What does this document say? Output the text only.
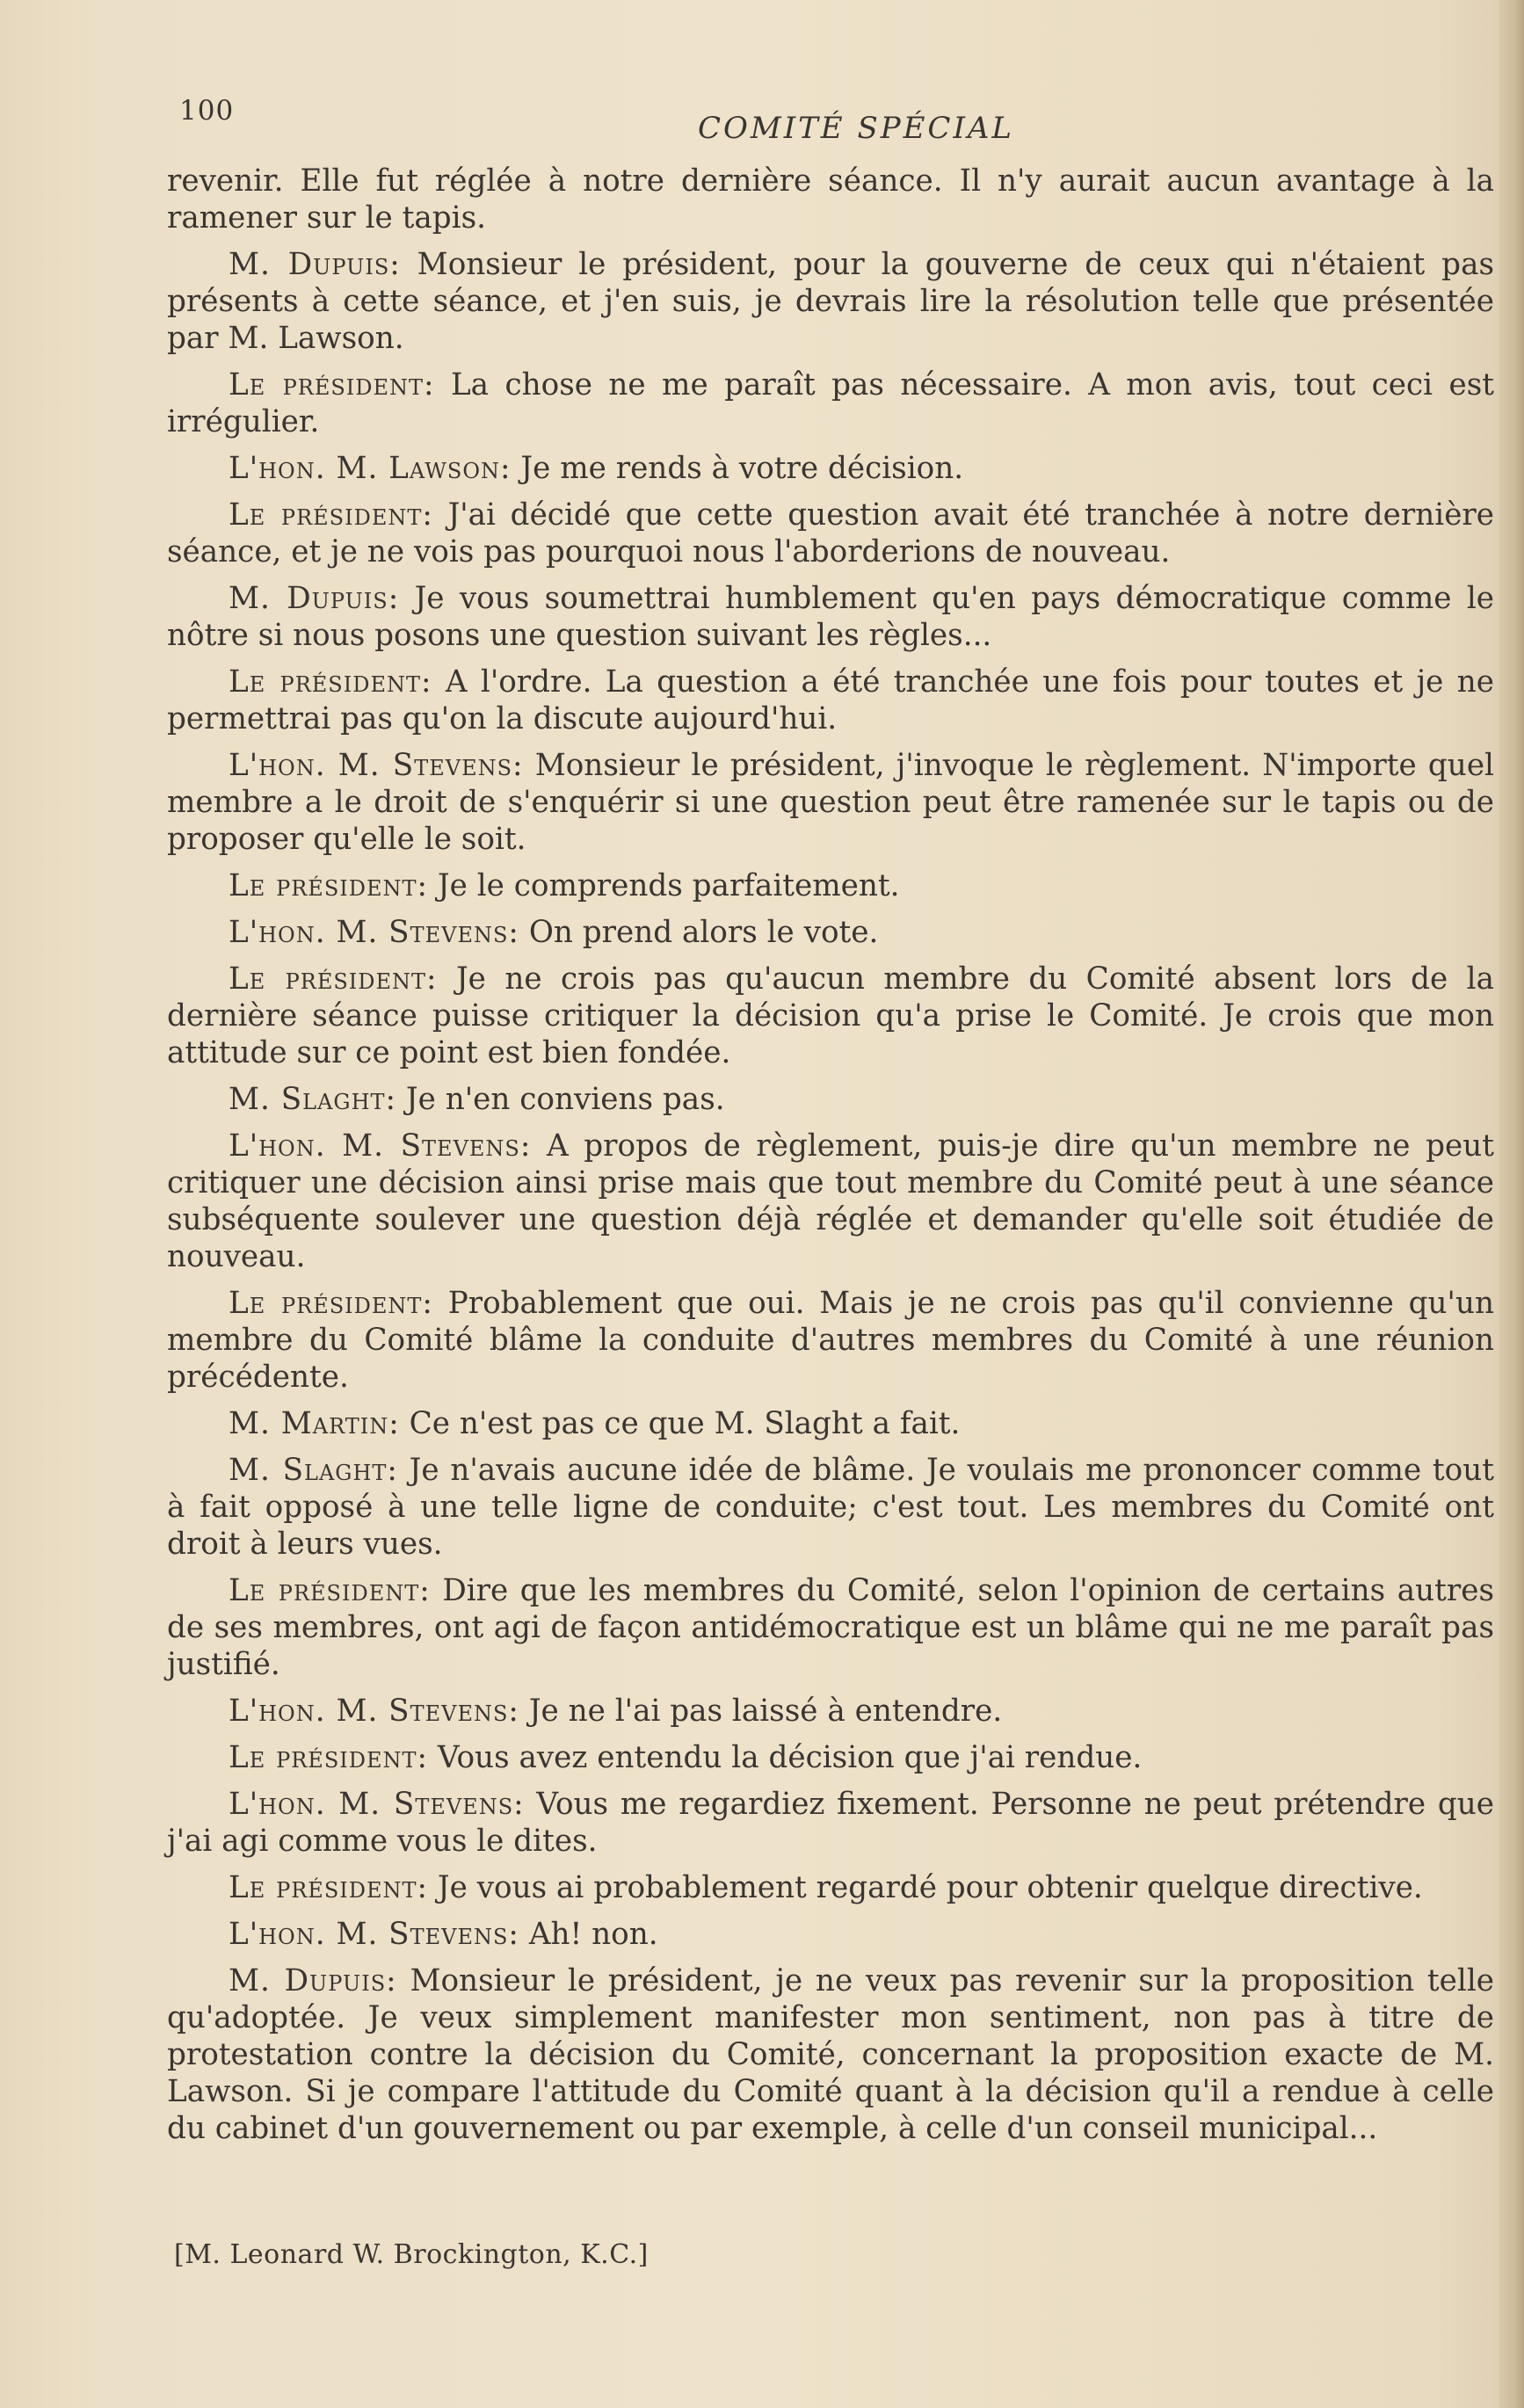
100	COMITÉ SPÉCIAL

revenir. Elle fut réglée à notre dernière séance. Il n'y aurait aucun avantage à la ramener sur le tapis.

M. Dupuis: Monsieur le président, pour la gouverne de ceux qui n'étaient pas présents à cette séance, et j'en suis, je devrais lire la résolution telle que présentée par M. Lawson.

Le président: La chose ne me paraît pas nécessaire. A mon avis, tout ceci est irrégulier.

L'hon. M. Lawson: Je me rends à votre décision.

Le président: J'ai décidé que cette question avait été tranchée à notre dernière séance, et je ne vois pas pourquoi nous l'aborderions de nouveau.

M. Dupuis: Je vous soumettrai humblement qu'en pays démocratique comme le nôtre si nous posons une question suivant les règles...

Le président: A l'ordre. La question a été tranchée une fois pour toutes et je ne permettrai pas qu'on la discute aujourd'hui.

L'hon. M. Stevens: Monsieur le président, j'invoque le règlement. N'importe quel membre a le droit de s'enquérir si une question peut être ramenée sur le tapis ou de proposer qu'elle le soit.

Le président: Je le comprends parfaitement.

L'hon. M. Stevens: On prend alors le vote.

Le président: Je ne crois pas qu'aucun membre du Comité absent lors de la dernière séance puisse critiquer la décision qu'a prise le Comité. Je crois que mon attitude sur ce point est bien fondée.

M. Slaght: Je n'en conviens pas.

L'hon. M. Stevens: A propos de règlement, puis-je dire qu'un membre ne peut critiquer une décision ainsi prise mais que tout membre du Comité peut à une séance subséquente soulever une question déjà réglée et demander qu'elle soit étudiée de nouveau.

Le président: Probablement que oui. Mais je ne crois pas qu'il convienne qu'un membre du Comité blâme la conduite d'autres membres du Comité à une réunion précédente.

M. Martin: Ce n'est pas ce que M. Slaght a fait.

M. Slaght: Je n'avais aucune idée de blâme. Je voulais me prononcer comme tout à fait opposé à une telle ligne de conduite; c'est tout. Les membres du Comité ont droit à leurs vues.

Le président: Dire que les membres du Comité, selon l'opinion de certains autres de ses membres, ont agi de façon antidémocratique est un blâme qui ne me paraît pas justifié.

L'hon. M. Stevens: Je ne l'ai pas laissé à entendre.

Le président: Vous avez entendu la décision que j'ai rendue.

L'hon. M. Stevens: Vous me regardiez fixement. Personne ne peut prétendre que j'ai agi comme vous le dites.

Le président: Je vous ai probablement regardé pour obtenir quelque directive.

L'hon. M. Stevens: Ah! non.

M. Dupuis: Monsieur le président, je ne veux pas revenir sur la proposition telle qu'adoptée. Je veux simplement manifester mon sentiment, non pas à titre de protestation contre la décision du Comité, concernant la proposition exacte de M. Lawson. Si je compare l'attitude du Comité quant à la décision qu'il a rendue à celle du cabinet d'un gouvernement ou par exemple, à celle d'un conseil municipal...

[M. Leonard W. Brockington, K.C.]
